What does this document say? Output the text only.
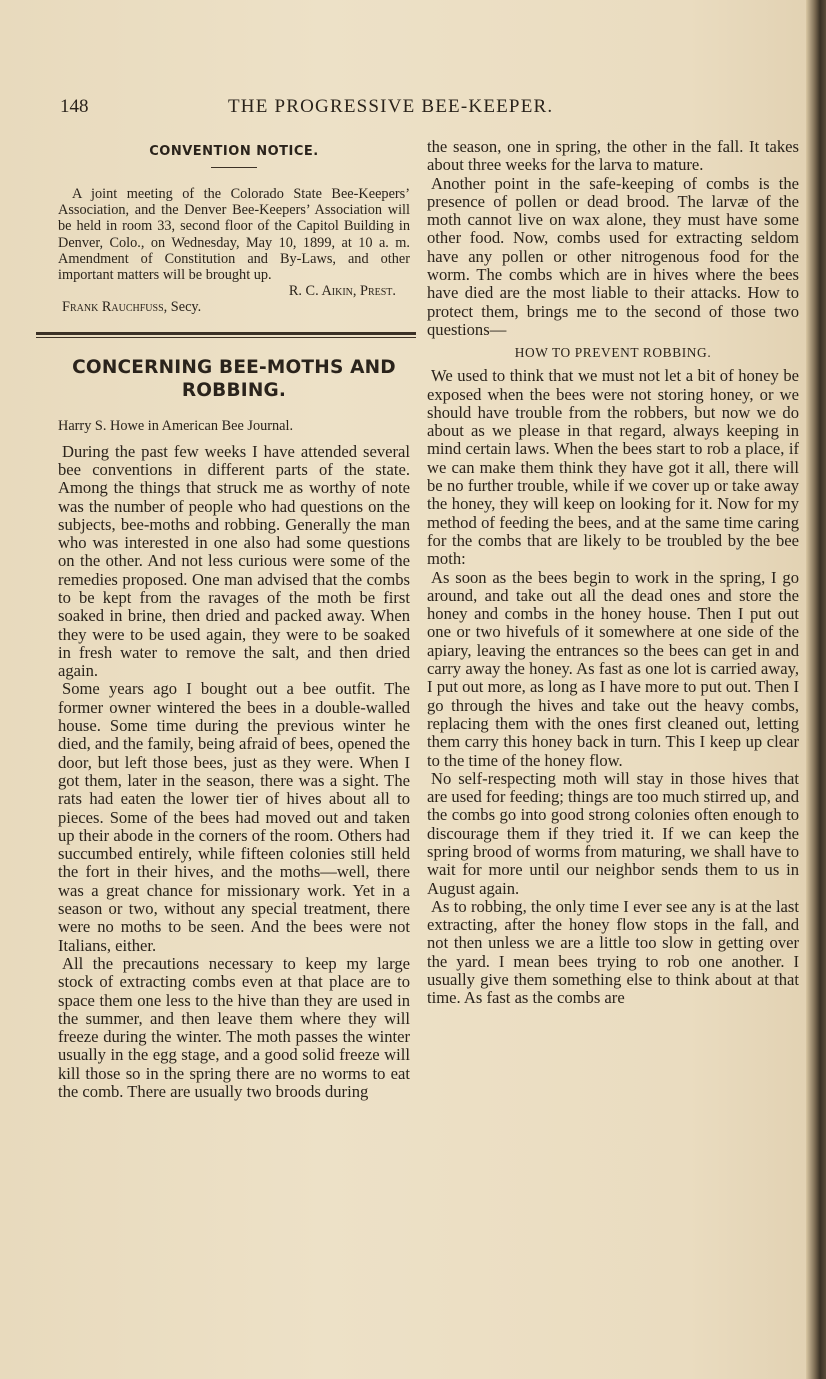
148	THE PROGRESSIVE BEE-KEEPER.
CONVENTION NOTICE.

A joint meeting of the Colorado State Bee-Keepers’ Association, and the Denver Bee-Keepers’ Association will be held in room 33, second floor of the Capitol Building in Denver, Colo., on Wednesday, May 10, 1899, at 10 a. m. Amendment of Constitution and By-Laws, and other important matters will be brought up.

R. C. Aikin, Prest.

Frank Rauchfuss, Secy.

CONCERNING BEE-MOTHS AND
ROBBING.

Harry S. Howe in American Bee Journal.

During the past few weeks I have attended several bee conventions in different parts of the state. Among the things that struck me as worthy of note was the number of people who had questions on the subjects, bee-moths and robbing. Generally the man who was interested in one also had some questions on the other. And not less curious were some of the remedies proposed. One man advised that the combs to be kept from the ravages of the moth be first soaked in brine, then dried and packed away. When they were to be used again, they were to be soaked in fresh water to remove the salt, and then dried again.

Some years ago I bought out a bee outfit. The former owner wintered the bees in a double-walled house. Some time during the previous winter he died, and the family, being afraid of bees, opened the door, but left those bees, just as they were. When I got them, later in the season, there was a sight. The rats had eaten the lower tier of hives about all to pieces. Some of the bees had moved out and taken up their abode in the corners of the room. Others had succumbed entirely, while fifteen colonies still held the fort in their hives, and the moths—well, there was a great chance for missionary work. Yet in a season or two, without any special treatment, there were no moths to be seen. And the bees were not Italians, either.

All the precautions necessary to keep my large stock of extracting combs even at that place are to space them one less to the hive than they are used in the summer, and then leave them where they will freeze during the winter. The moth passes the winter usually in the egg stage, and a good solid freeze will kill those so in the spring there are no worms to eat the comb. There are usually two broods during

the season, one in spring, the other in the fall. It takes about three weeks for the larva to mature.

Another point in the safe-keeping of combs is the presence of pollen or dead brood. The larvæ of the moth cannot live on wax alone, they must have some other food. Now, combs used for extracting seldom have any pollen or other nitrogenous food for the worm. The combs which are in hives where the bees have died are the most liable to their attacks. How to protect them, brings me to the second of those two questions—

HOW TO PREVENT ROBBING.

We used to think that we must not let a bit of honey be exposed when the bees were not storing honey, or we should have trouble from the robbers, but now we do about as we please in that regard, always keeping in mind certain laws. When the bees start to rob a place, if we can make them think they have got it all, there will be no further trouble, while if we cover up or take away the honey, they will keep on looking for it. Now for my method of feeding the bees, and at the same time caring for the combs that are likely to be troubled by the bee moth:

As soon as the bees begin to work in the spring, I go around, and take out all the dead ones and store the honey and combs in the honey house. Then I put out one or two hivefuls of it somewhere at one side of the apiary, leaving the entrances so the bees can get in and carry away the honey. As fast as one lot is carried away, I put out more, as long as I have more to put out. Then I go through the hives and take out the heavy combs, replacing them with the ones first cleaned out, letting them carry this honey back in turn. This I keep up clear to the time of the honey flow.

No self-respecting moth will stay in those hives that are used for feeding; things are too much stirred up, and the combs go into good strong colonies often enough to discourage them if they tried it. If we can keep the spring brood of worms from maturing, we shall have to wait for more until our neighbor sends them to us in August again.

As to robbing, the only time I ever see any is at the last extracting, after the honey flow stops in the fall, and not then unless we are a little too slow in getting over the yard. I mean bees trying to rob one another. I usually give them something else to think about at that time. As fast as the combs are
